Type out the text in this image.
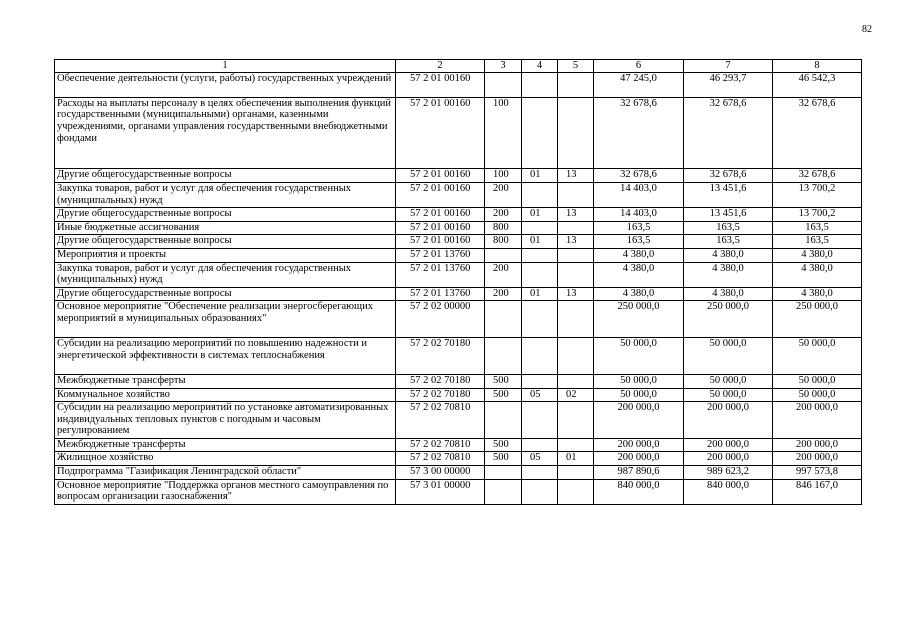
82
1	2	3	4	5	6	7	8
Обеспечение деятельности (услуги, работы) государственных учреждений	57 2 01 00160				47 245,0	46 293,7	46 542,3
Расходы на выплаты персоналу в целях обеспечения выполнения функций государственными (муниципальными) органами, казенными учреждениями, органами управления государственными внебюджетными фондами	57 2 01 00160	100			32 678,6	32 678,6	32 678,6
Другие общегосударственные вопросы	57 2 01 00160	100	01	13	32 678,6	32 678,6	32 678,6
Закупка товаров, работ и услуг для обеспечения государственных (муниципальных) нужд	57 2 01 00160	200			14 403,0	13 451,6	13 700,2
Другие общегосударственные вопросы	57 2 01 00160	200	01	13	14 403,0	13 451,6	13 700,2
Иные бюджетные ассигнования	57 2 01 00160	800			163,5	163,5	163,5
Другие общегосударственные вопросы	57 2 01 00160	800	01	13	163,5	163,5	163,5
Мероприятия и проекты	57 2 01 13760				4 380,0	4 380,0	4 380,0
Закупка товаров, работ и услуг для обеспечения государственных (муниципальных) нужд	57 2 01 13760	200			4 380,0	4 380,0	4 380,0
Другие общегосударственные вопросы	57 2 01 13760	200	01	13	4 380,0	4 380,0	4 380,0
Основное мероприятие "Обеспечение реализации энергосберегающих мероприятий в муниципальных образованиях"	57 2 02 00000				250 000,0	250 000,0	250 000,0
Субсидии на реализацию мероприятий по повышению надежности и энергетической эффективности в системах теплоснабжения	57 2 02 70180				50 000,0	50 000,0	50 000,0
Межбюджетные трансферты	57 2 02 70180	500			50 000,0	50 000,0	50 000,0
Коммунальное хозяйство	57 2 02 70180	500	05	02	50 000,0	50 000,0	50 000,0
Субсидии на реализацию мероприятий по установке автоматизированных индивидуальных тепловых пунктов с погодным и часовым регулированием	57 2 02 70810				200 000,0	200 000,0	200 000,0
Межбюджетные трансферты	57 2 02 70810	500			200 000,0	200 000,0	200 000,0
Жилищное хозяйство	57 2 02 70810	500	05	01	200 000,0	200 000,0	200 000,0
Подпрограмма "Газификация Ленинградской области"	57 3 00 00000				987 890,6	989 623,2	997 573,8
Основное мероприятие "Поддержка органов местного самоуправления по вопросам организации газоснабжения"	57 3 01 00000				840 000,0	840 000,0	846 167,0
